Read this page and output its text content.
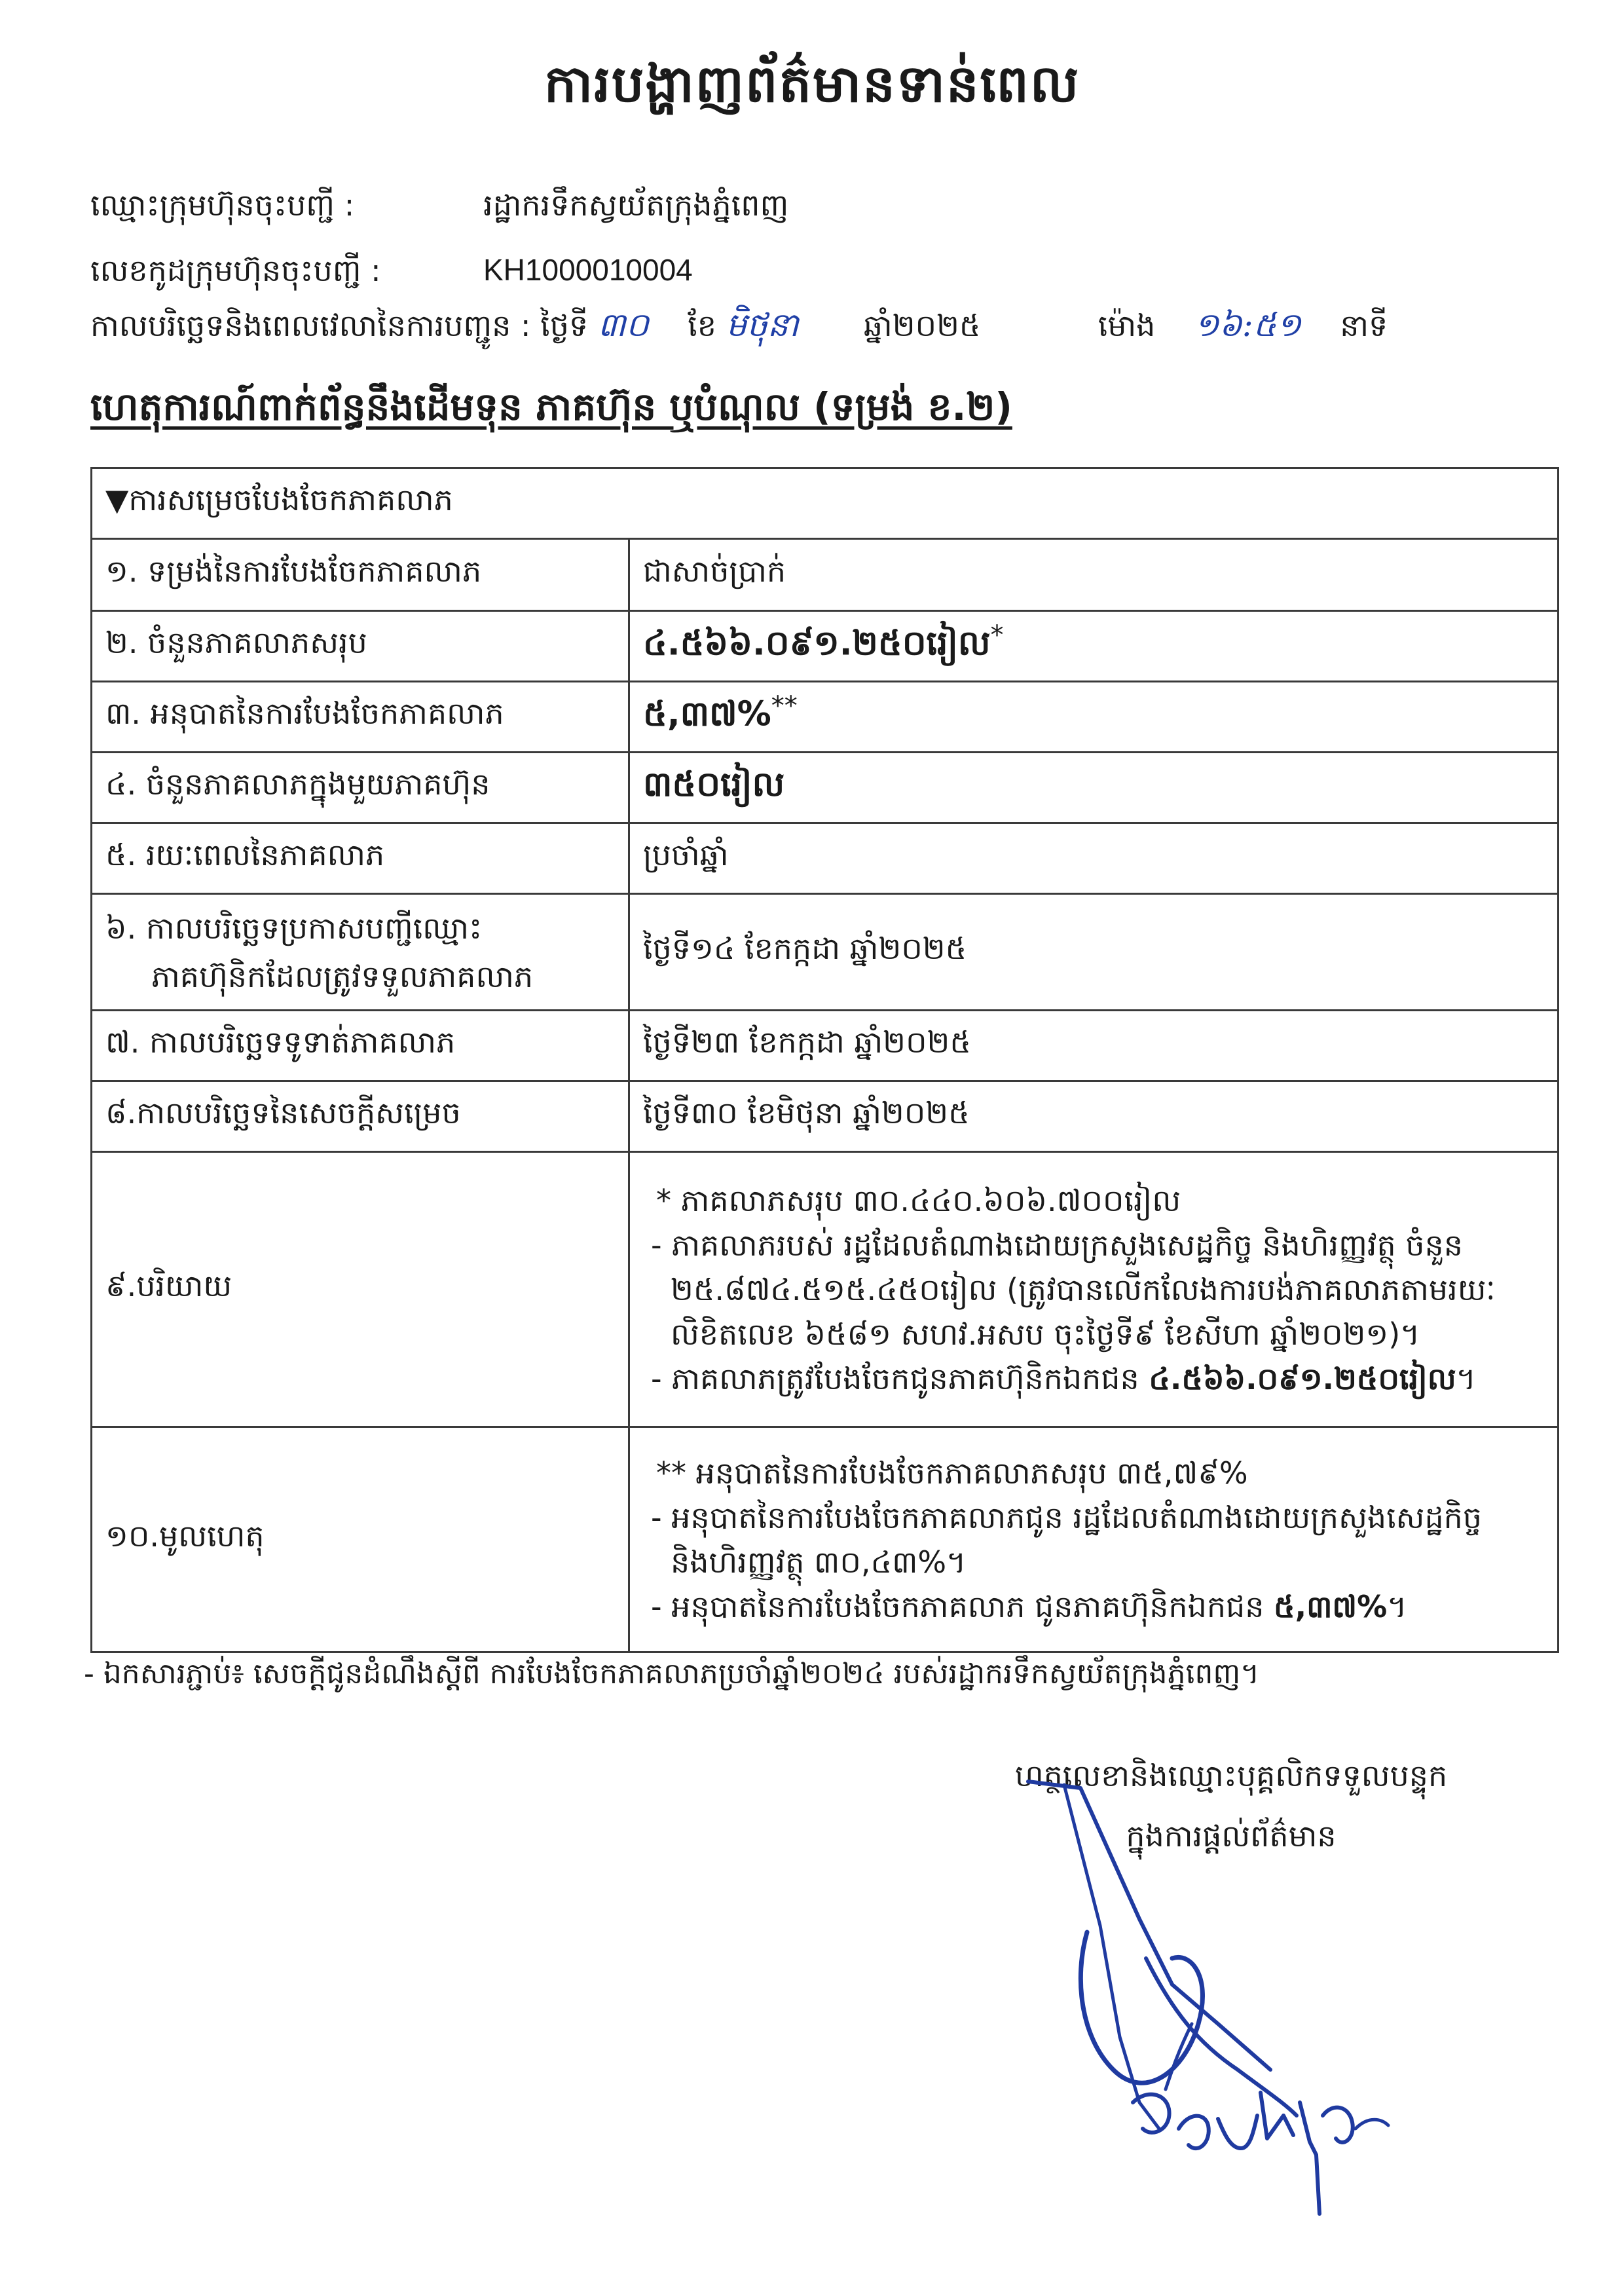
ការបង្ហាញព័ត៌មានទាន់ពេល
ឈ្មោះក្រុមហ៊ុនចុះបញ្ជី :	រដ្ឋាករទឹកស្វយ័តក្រុងភ្នំពេញ
លេខកូដក្រុមហ៊ុនចុះបញ្ជី :	KH1000010004
កាលបរិច្ឆេទនិងពេលវេលានៃការបញ្ជូន : ថ្ងៃទី ៣០ ខែ មិថុនា ឆ្នាំ២០២៥	ម៉ោង ១៦:៥១ នាទី
ហេតុការណ៍ពាក់ព័ន្ធនឹងដើមទុន ភាគហ៊ុន ឬបំណុល (ទម្រង់ ខ.២)
▼ការសម្រេចបែងចែកភាគលាភ	
១. ទម្រង់នៃការបែងចែកភាគលាភ	ជាសាច់ប្រាក់
២. ចំនួនភាគលាភសរុប	៤.៥៦៦.០៩១.២៥០រៀល*
៣. អនុបាតនៃការបែងចែកភាគលាភ	៥,៣៧%**
៤. ចំនួនភាគលាភក្នុងមួយភាគហ៊ុន	៣៥០រៀល
៥. រយៈពេលនៃភាគលាភ	ប្រចាំឆ្នាំ

៦. កាលបរិច្ឆេទប្រកាសបញ្ជីឈ្មោះ
ភាគហ៊ុនិកដែលត្រូវទទួលភាគលាភ	ថ្ងៃទី១៤ ខែកក្កដា ឆ្នាំ២០២៥
៧. កាលបរិច្ឆេទទូទាត់ភាគលាភ	ថ្ងៃទី២៣ ខែកក្កដា ឆ្នាំ២០២៥
៨.កាលបរិច្ឆេទនៃសេចក្តីសម្រេច	ថ្ងៃទី៣០ ខែមិថុនា ឆ្នាំ២០២៥
៩.បរិយាយ	* ភាគលាភសរុប ៣០.៤៤០.៦០៦.៧០០រៀល

- ភាគលាភរបស់ រដ្ឋដែលតំណាងដោយក្រសួងសេដ្ឋកិច្ច និងហិរញ្ញវត្ថុ ចំនួន ២៥.៨៧៤.៥១៥.៤៥០រៀល (ត្រូវបានលើកលែងការបង់ភាគលាភតាមរយៈលិខិតលេខ ៦៥៨១ សហវ.អសប ចុះថ្ងៃទី៩ ខែសីហា ឆ្នាំ២០២១)។

- ភាគលាភត្រូវបែងចែកជូនភាគហ៊ុនិកឯកជន ៤.៥៦៦.០៩១.២៥០រៀល។

១០.មូលហេតុ	** អនុបាតនៃការបែងចែកភាគលាភសរុប ៣៥,៧៩%

- អនុបាតនៃការបែងចែកភាគលាភជូន រដ្ឋដែលតំណាងដោយក្រសួងសេដ្ឋកិច្ច និងហិរញ្ញវត្ថុ ៣០,៤៣%។

- អនុបាតនៃការបែងចែកភាគលាភ ជូនភាគហ៊ុនិកឯកជន ៥,៣៧%។

- ឯកសារភ្ជាប់៖ សេចក្តីជូនដំណឹងស្តីពី ការបែងចែកភាគលាភប្រចាំឆ្នាំ២០២៤ របស់រដ្ឋាករទឹកស្វយ័តក្រុងភ្នំពេញ។
ហត្ថលេខានិងឈ្មោះបុគ្គលិកទទួលបន្ទុក
ក្នុងការផ្តល់ព័ត៌មាន
ឈឿប
